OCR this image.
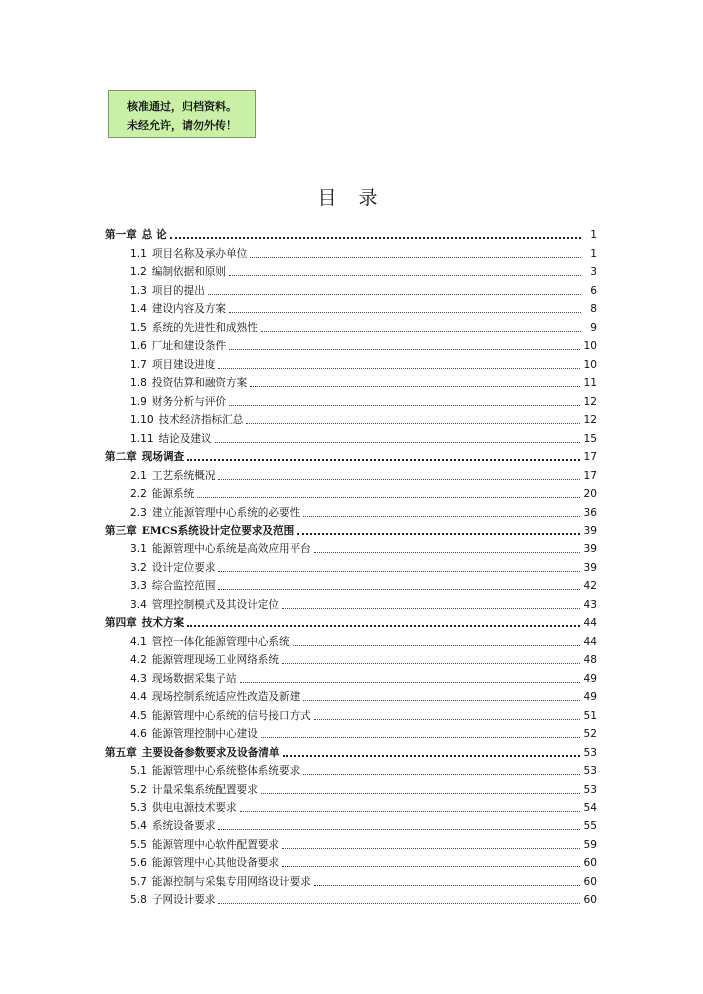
核准通过，归档资料。
未经允许，请勿外传！
目 录
第一章 总 论	1
1.1 项目名称及承办单位	1
1.2 编制依据和原则	3
1.3 项目的提出	6
1.4 建设内容及方案	8
1.5 系统的先进性和成熟性	9
1.6 厂址和建设条件	10
1.7 项目建设进度	10
1.8 投资估算和融资方案	11
1.9 财务分析与评价	12
1.10 技术经济指标汇总	12
1.11 结论及建议	15
第二章 现场调查	17
2.1 工艺系统概况	17
2.2 能源系统	20
2.3 建立能源管理中心系统的必要性	36
第三章 EMCS系统设计定位要求及范围	39
3.1 能源管理中心系统是高效应用平台	39
3.2 设计定位要求	39
3.3 综合监控范围	42
3.4 管理控制模式及其设计定位	43
第四章 技术方案	44
4.1 管控一体化能源管理中心系统	44
4.2 能源管理现场工业网络系统	48
4.3 现场数据采集子站	49
4.4 现场控制系统适应性改造及新建	49
4.5 能源管理中心系统的信号接口方式	51
4.6 能源管理控制中心建设	52
第五章 主要设备参数要求及设备清单	53
5.1 能源管理中心系统整体系统要求	53
5.2 计量采集系统配置要求	53
5.3 供电电源技术要求	54
5.4 系统设备要求	55
5.5 能源管理中心软件配置要求	59
5.6 能源管理中心其他设备要求	60
5.7 能源控制与采集专用网络设计要求	60
5.8 子网设计要求	60
